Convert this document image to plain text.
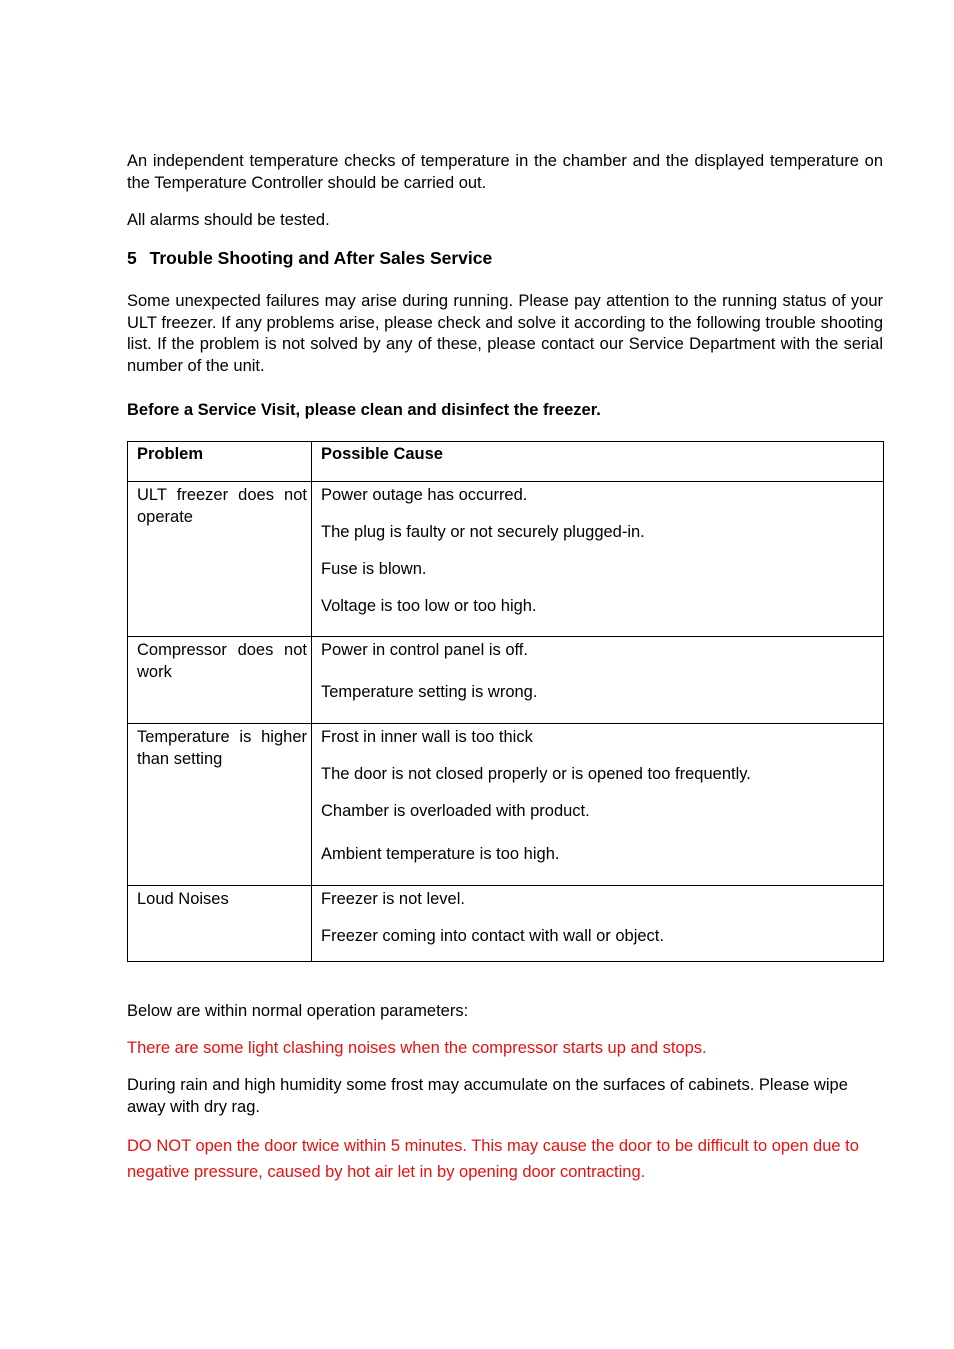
An independent temperature checks of temperature in the chamber and the displayed temperature on the Temperature Controller should be carried out.

All alarms should be tested.

5 Trouble Shooting and After Sales Service

Some unexpected failures may arise during running. Please pay attention to the running status of your ULT freezer. If any problems arise, please check and solve it according to the following trouble shooting list. If the problem is not solved by any of these, please contact our Service Department with the serial number of the unit.

Before a Service Visit, please clean and disinfect the freezer.

Problem	Possible Cause

ULT freezer does not operate	Power outage has occurred.
The plug is faulty or not securely plugged-in.
Fuse is blown.
Voltage is too low or too high.

Compressor does not work	Power in control panel is off.
Temperature setting is wrong.

Temperature is higher than setting	Frost in inner wall is too thick
The door is not closed properly or is opened too frequently.
Chamber is overloaded with product.
Ambient temperature is too high.

Loud Noises	Freezer is not level.
Freezer coming into contact with wall or object.

Below are within normal operation parameters:

There are some light clashing noises when the compressor starts up and stops.

During rain and high humidity some frost may accumulate on the surfaces of cabinets. Please wipe away with dry rag.

DO NOT open the door twice within 5 minutes. This may cause the door to be difficult to open due to negative pressure, caused by hot air let in by opening door contracting.
